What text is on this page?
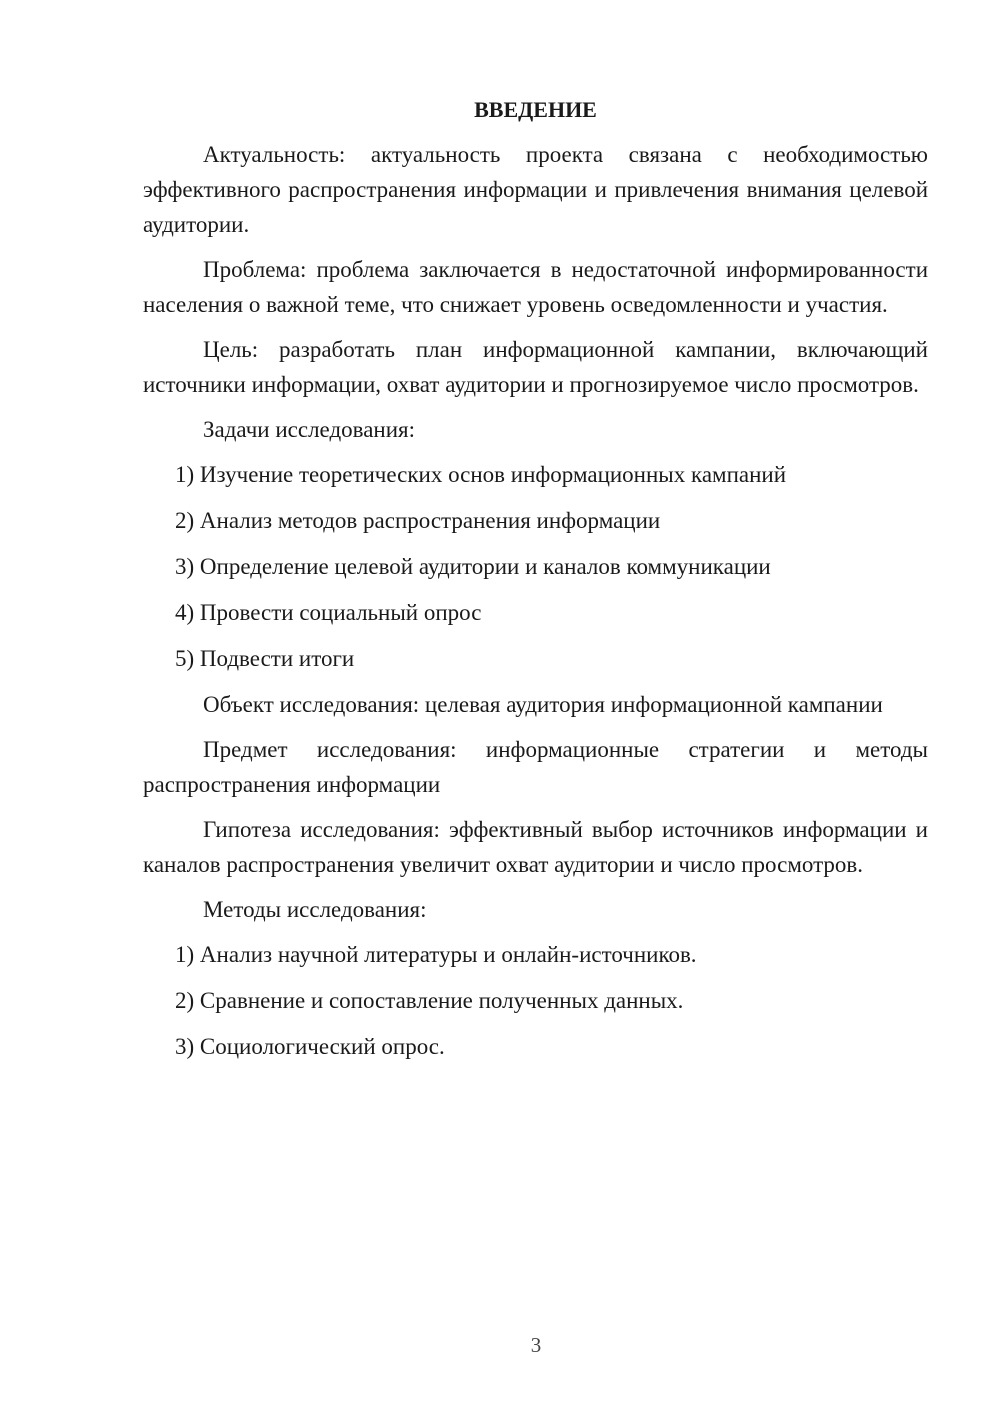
ВВЕДЕНИЕ
Актуальность: актуальность проекта связана с необходимостью эффективного распространения информации и привлечения внимания целевой аудитории.
Проблема: проблема заключается в недостаточной информированности населения о важной теме, что снижает уровень осведомленности и участия.
Цель: разработать план информационной кампании, включающий источники информации, охват аудитории и прогнозируемое число просмотров.
Задачи исследования:
1) Изучение теоретических основ информационных кампаний
2) Анализ методов распространения информации
3) Определение целевой аудитории и каналов коммуникации
4) Провести социальный опрос
5) Подвести итоги
Объект исследования: целевая аудитория информационной кампании
Предмет исследования: информационные стратегии и методы распространения информации
Гипотеза исследования: эффективный выбор источников информации и каналов распространения увеличит охват аудитории и число просмотров.
Методы исследования:
1) Анализ научной литературы и онлайн-источников.
2) Сравнение и сопоставление полученных данных.
3) Социологический опрос.
3
